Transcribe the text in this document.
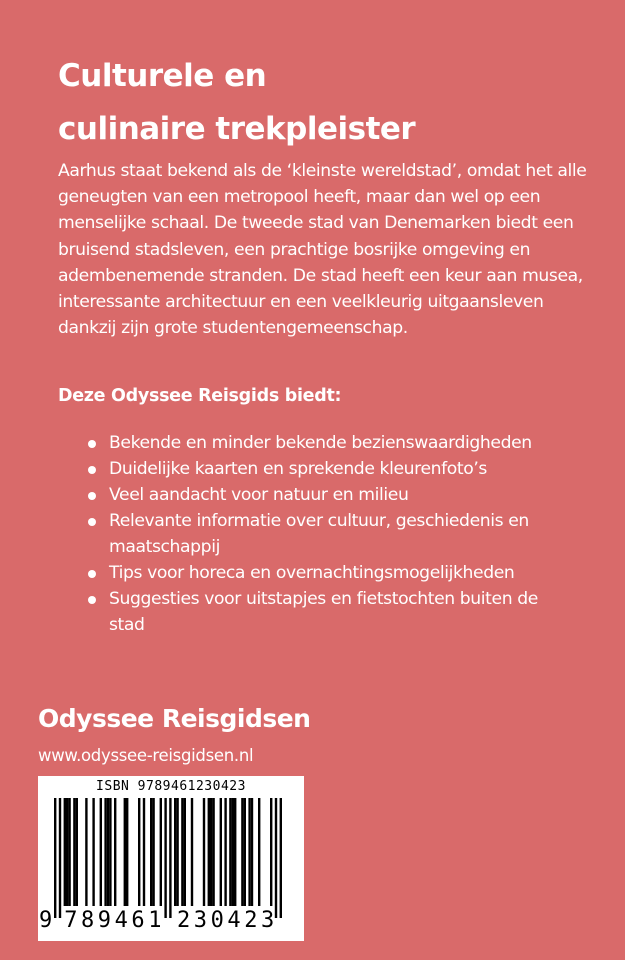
Culturele en
culinaire trekpleister

Aarhus staat bekend als de ‘kleinste wereldstad’, omdat het alle geneugten van een metropool heeft, maar dan wel op een menselijke schaal. De tweede stad van Denemarken biedt een bruisend stadsleven, een prachtige bosrijke omgeving en adembenemende stranden. De stad heeft een keur aan musea, interessante architectuur en een veelkleurig uitgaansleven dankzij zijn grote studentengemeenschap.

Deze Odyssee Reisgids biedt:
Bekende en minder bekende bezienswaardigheden
Duidelijke kaarten en sprekende kleurenfoto’s
Veel aandacht voor natuur en milieu
Relevante informatie over cultuur, geschiedenis en maatschappij
Tips voor horeca en overnachtingsmogelijkheden
Suggesties voor uitstapjes en fietstochten buiten de stad
Odyssee Reisgidsen
www.odyssee-reisgidsen.nl
ISBN 9789461230423
9 7 8 9 4 6 1 2 3 0 4 2 3
